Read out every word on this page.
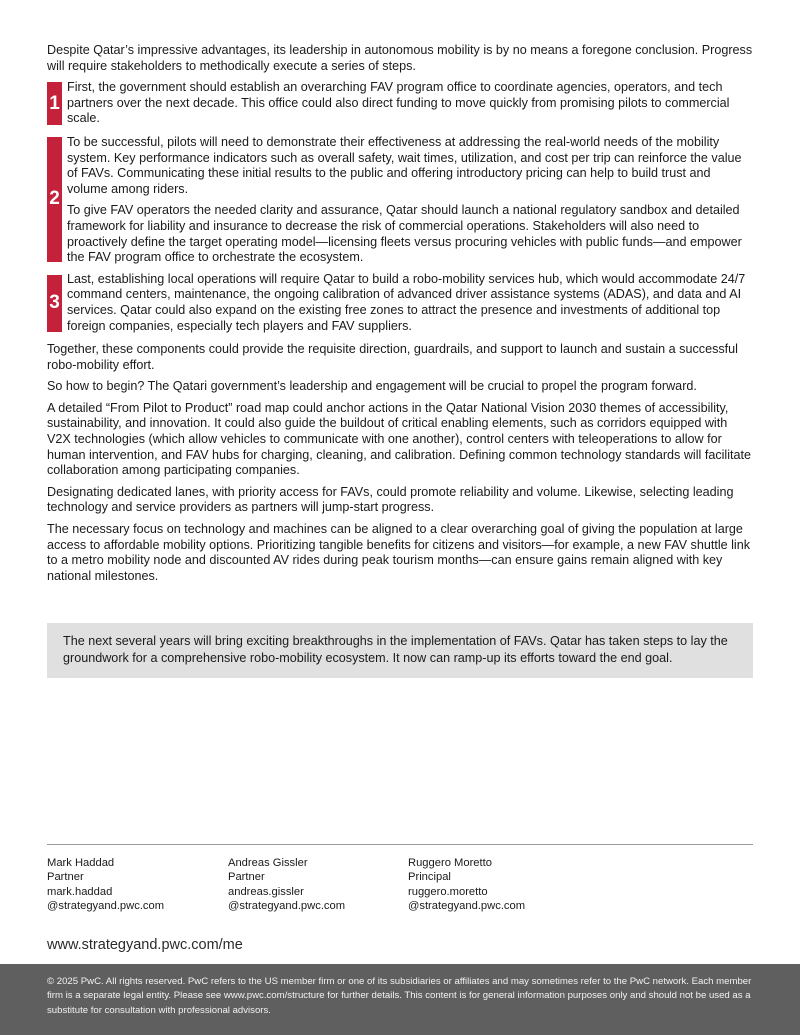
Despite Qatar’s impressive advantages, its leadership in autonomous mobility is by no means a foregone conclusion. Progress will require stakeholders to methodically execute a series of steps.

1

First, the government should establish an overarching FAV program office to coordinate agencies, operators, and tech partners over the next decade. This office could also direct funding to move quickly from promising pilots to commercial scale.

2

To be successful, pilots will need to demonstrate their effectiveness at addressing the real-world needs of the mobility system. Key performance indicators such as overall safety, wait times, utilization, and cost per trip can reinforce the value of FAVs. Communicating these initial results to the public and offering introductory pricing can help to build trust and volume among riders.

To give FAV operators the needed clarity and assurance, Qatar should launch a national regulatory sandbox and detailed framework for liability and insurance to decrease the risk of commercial operations. Stakeholders will also need to proactively define the target operating model—licensing fleets versus procuring vehicles with public funds—and empower the FAV program office to orchestrate the ecosystem.

3

Last, establishing local operations will require Qatar to build a robo-mobility services hub, which would accommodate 24/7 command centers, maintenance, the ongoing calibration of advanced driver assistance systems (ADAS), and data and AI services. Qatar could also expand on the existing free zones to attract the presence and investments of additional top foreign companies, especially tech players and FAV suppliers.

Together, these components could provide the requisite direction, guardrails, and support to launch and sustain a successful robo-mobility effort.

So how to begin? The Qatari government’s leadership and engagement will be crucial to propel the program forward.

A detailed “From Pilot to Product” road map could anchor actions in the Qatar National Vision 2030 themes of accessibility, sustainability, and innovation. It could also guide the buildout of critical enabling elements, such as corridors equipped with V2X technologies (which allow vehicles to communicate with one another), control centers with teleoperations to allow for human intervention, and FAV hubs for charging, cleaning, and calibration. Defining common technology standards will facilitate collaboration among participating companies.

Designating dedicated lanes, with priority access for FAVs, could promote reliability and volume. Likewise, selecting leading technology and service providers as partners will jump-start progress.

The necessary focus on technology and machines can be aligned to a clear overarching goal of giving the population at large access to affordable mobility options. Prioritizing tangible benefits for citizens and visitors—for example, a new FAV shuttle link to a metro mobility node and discounted AV rides during peak tourism months—can ensure gains remain aligned with key national milestones.

The next several years will bring exciting breakthroughs in the implementation of FAVs. Qatar has taken steps to lay the groundwork for a comprehensive robo-mobility ecosystem. It now can ramp-up its efforts toward the end goal.

Mark Haddad
Partner
mark.haddad
@strategyand.pwc.com
Andreas Gissler
Partner
andreas.gissler
@strategyand.pwc.com
Ruggero Moretto
Principal
ruggero.moretto
@strategyand.pwc.com
www.strategyand.pwc.com/me

© 2025 PwC. All rights reserved. PwC refers to the US member firm or one of its subsidiaries or affiliates and may sometimes refer to the PwC network. Each member firm is a separate legal entity. Please see www.pwc.com/structure for further details. This content is for general information purposes only and should not be used as a substitute for consultation with professional advisors.
